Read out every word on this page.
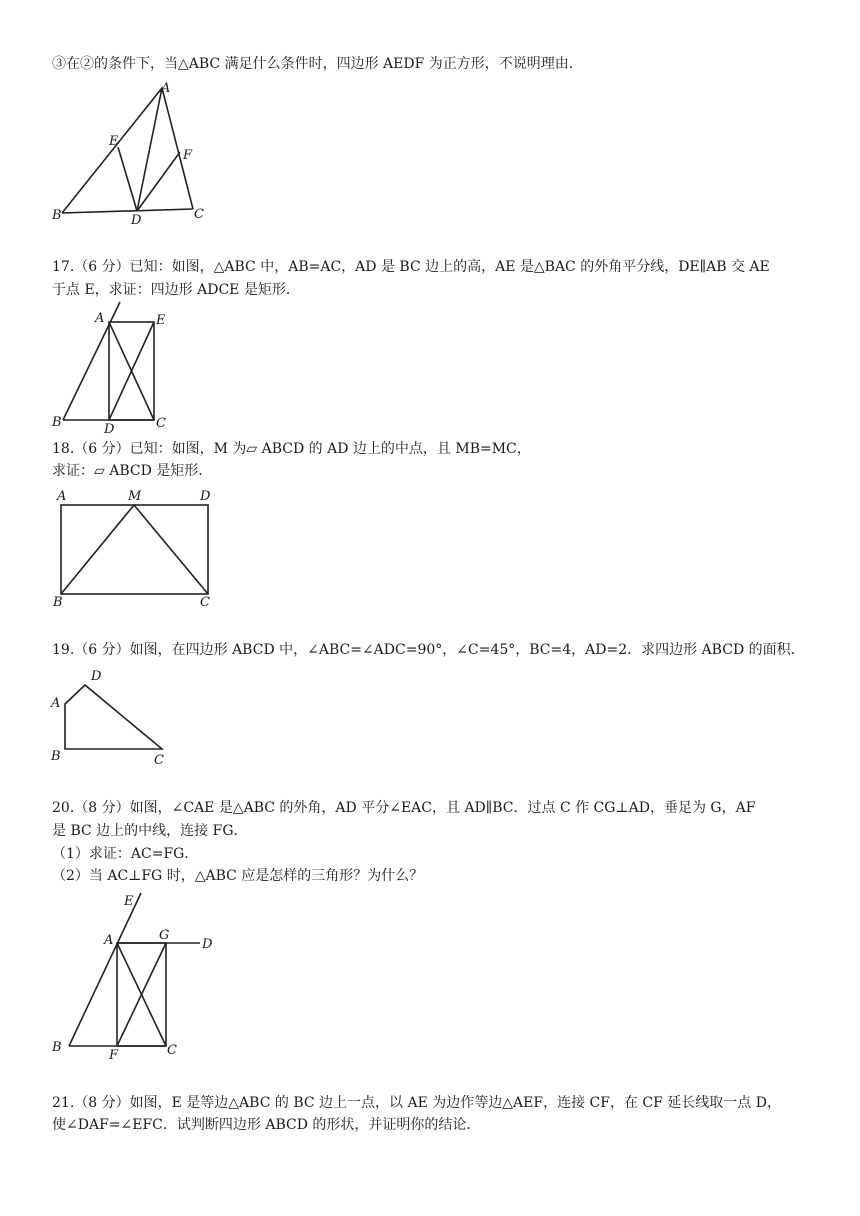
③在②的条件下，当△ABC 满足什么条件时，四边形 AEDF 为正方形，不说明理由．
A
E
F
B	D	C
17.（6 分）已知：如图，△ABC 中，AB=AC，AD 是 BC 边上的高，AE 是△BAC 的外角平分线，DE∥AB 交 AE
于点 E，求证：四边形 ADCE 是矩形．
A	E
B	D	C
18.（6 分）已知：如图，M 为▱ ABCD 的 AD 边上的中点，且 MB=MC，
求证：▱ ABCD 是矩形．
A	M	D
B	C
19.（6 分）如图，在四边形 ABCD 中，∠ABC=∠ADC=90°，∠C=45°，BC=4，AD=2．求四边形 ABCD 的面积．
D
A
B	C
20.（8 分）如图，∠CAE 是△ABC 的外角，AD 平分∠EAC，且 AD∥BC．过点 C 作 CG⊥AD，垂足为 G，AF
是 BC 边上的中线，连接 FG．
（1）求证：AC=FG．
（2）当 AC⊥FG 时，△ABC 应是怎样的三角形？为什么？
E
A	G
D
B
F	C
21.（8 分）如图，E 是等边△ABC 的 BC 边上一点，以 AE 为边作等边△AEF，连接 CF，在 CF 延长线取一点 D，
使∠DAF=∠EFC．试判断四边形 ABCD 的形状，并证明你的结论．
